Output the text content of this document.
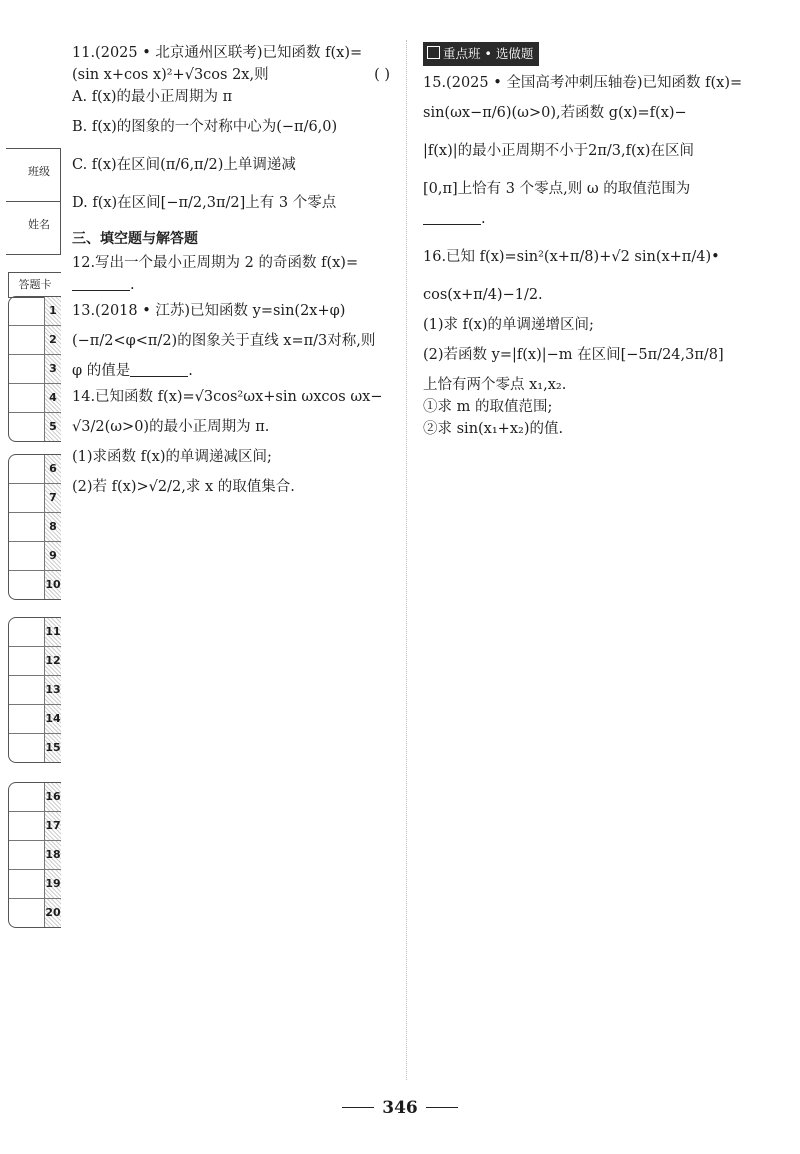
班级
姓名
答题卡
1
2
3
4
5
6
7
8
9
10
11
12
13
14
15
16
17
18
19
20
11.(2025 • 北京通州区联考)已知函数 f(x)=
(sin x+cos x)²+√3cos 2x,则	( )
A. f(x)的最小正周期为 π
B. f(x)的图象的一个对称中心为(−π/6,0)
C. f(x)在区间(π/6,π/2)上单调递减
D. f(x)在区间[−π/2,3π/2]上有 3 个零点
三、填空题与解答题
12.写出一个最小正周期为 2 的奇函数 f(x)=
.
13.(2018 • 江苏)已知函数 y=sin(2x+φ)
(−π/2<φ<π/2)的图象关于直线 x=π/3对称,则
φ 的值是	.
14.已知函数 f(x)=√3cos²ωx+sin ωxcos ωx−
√3/2(ω>0)的最小正周期为 π.
(1)求函数 f(x)的单调递减区间;
(2)若 f(x)>√2/2,求 x 的取值集合.
重点班 • 选做题
15.(2025 • 全国高考冲刺压轴卷)已知函数 f(x)=
sin(ωx−π/6)(ω>0),若函数 g(x)=f(x)−
|f(x)|的最小正周期不小于2π/3,f(x)在区间
[0,π]上恰有 3 个零点,则 ω 的取值范围为
.
16.已知 f(x)=sin²(x+π/8)+√2 sin(x+π/4)•
cos(x+π/4)−1/2.
(1)求 f(x)的单调递增区间;
(2)若函数 y=|f(x)|−m 在区间[−5π/24,3π/8]
上恰有两个零点 x₁,x₂.
①求 m 的取值范围;
②求 sin(x₁+x₂)的值.
346
